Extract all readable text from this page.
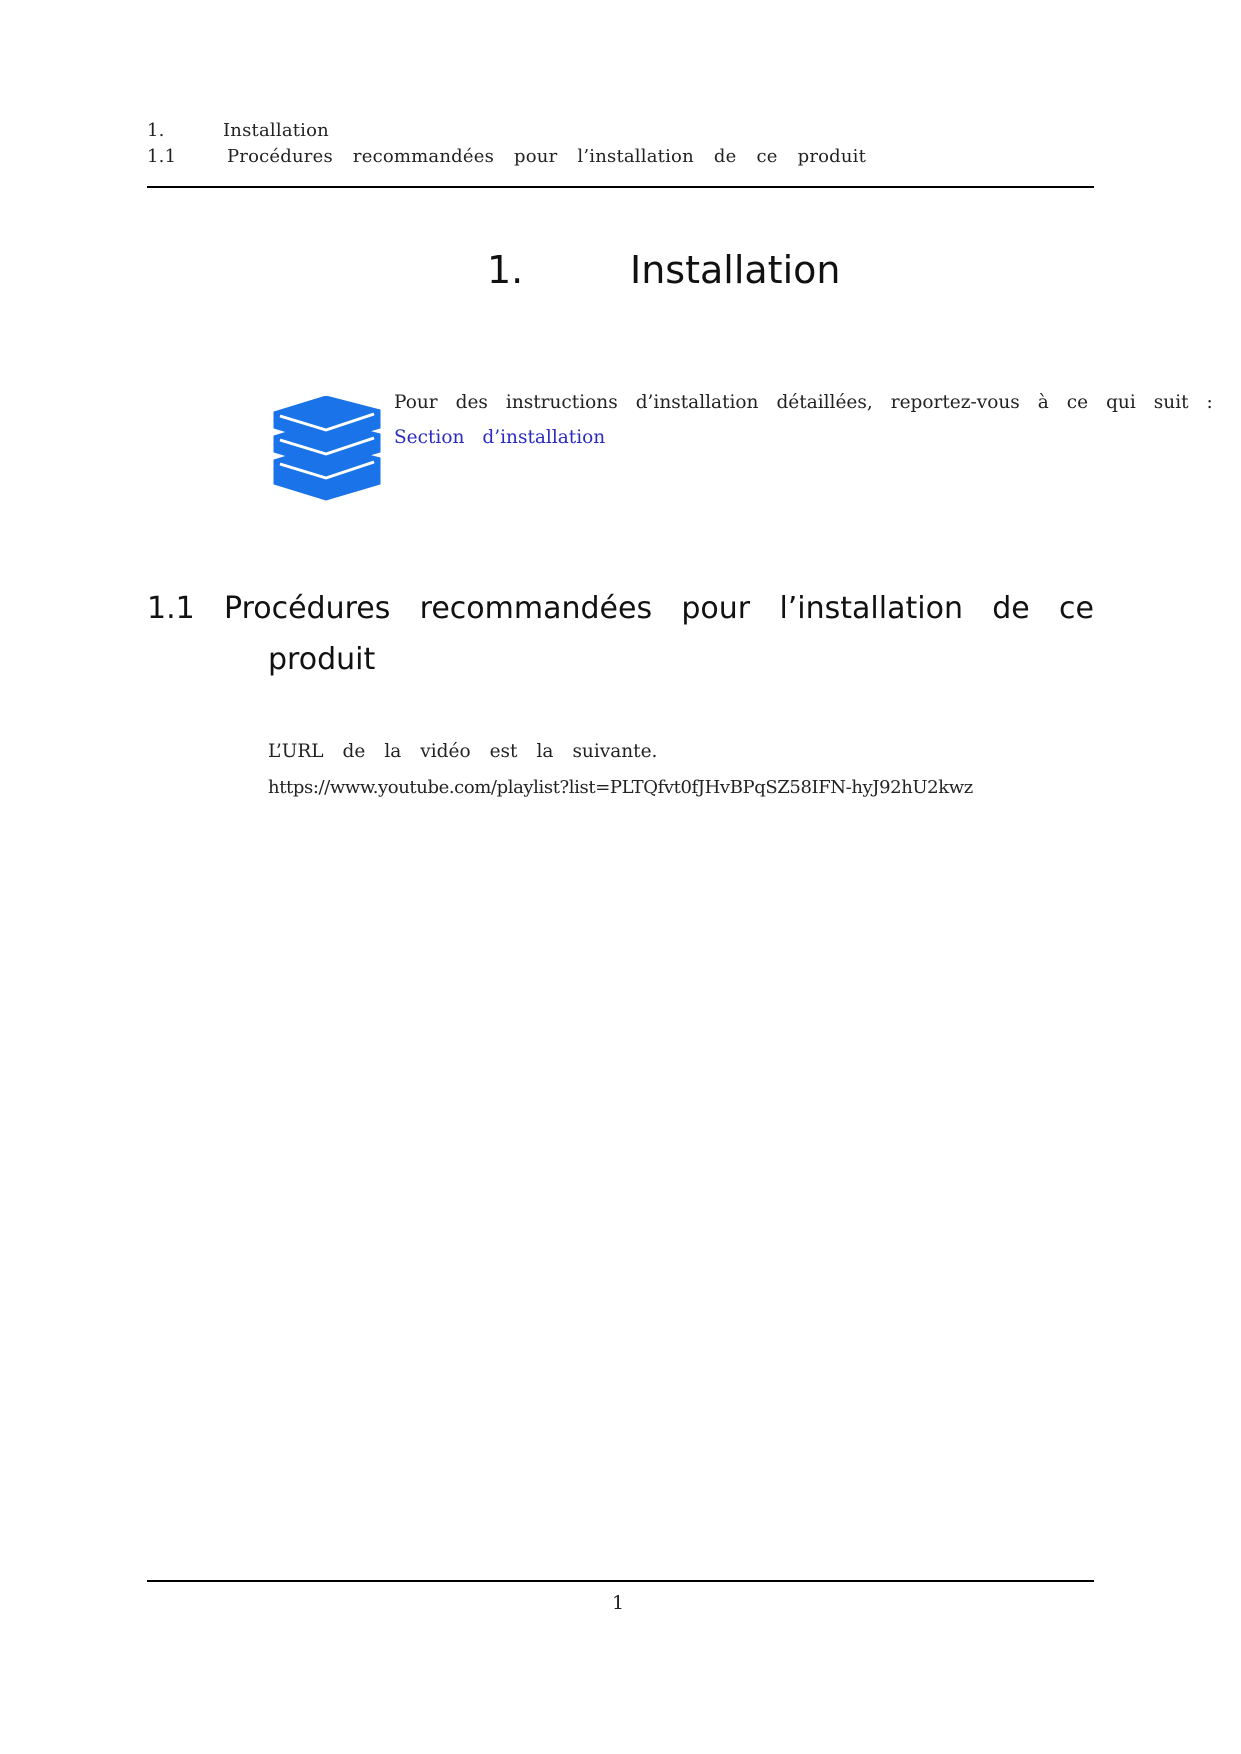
1.	Installation
1.1	Procédures recommandées pour l’installation de ce produit
1.	Installation
Pour des instructions d’installation détaillées, reportez-vous à ce qui suit :
Section d’installation
1.1 Procédures recommandées pour l’installation de ce
produit
L’URL de la vidéo est la suivante.
https://www.youtube.com/playlist?list=PLTQfvt0fJHvBPqSZ58IFN-hyJ92hU2kwz
1
